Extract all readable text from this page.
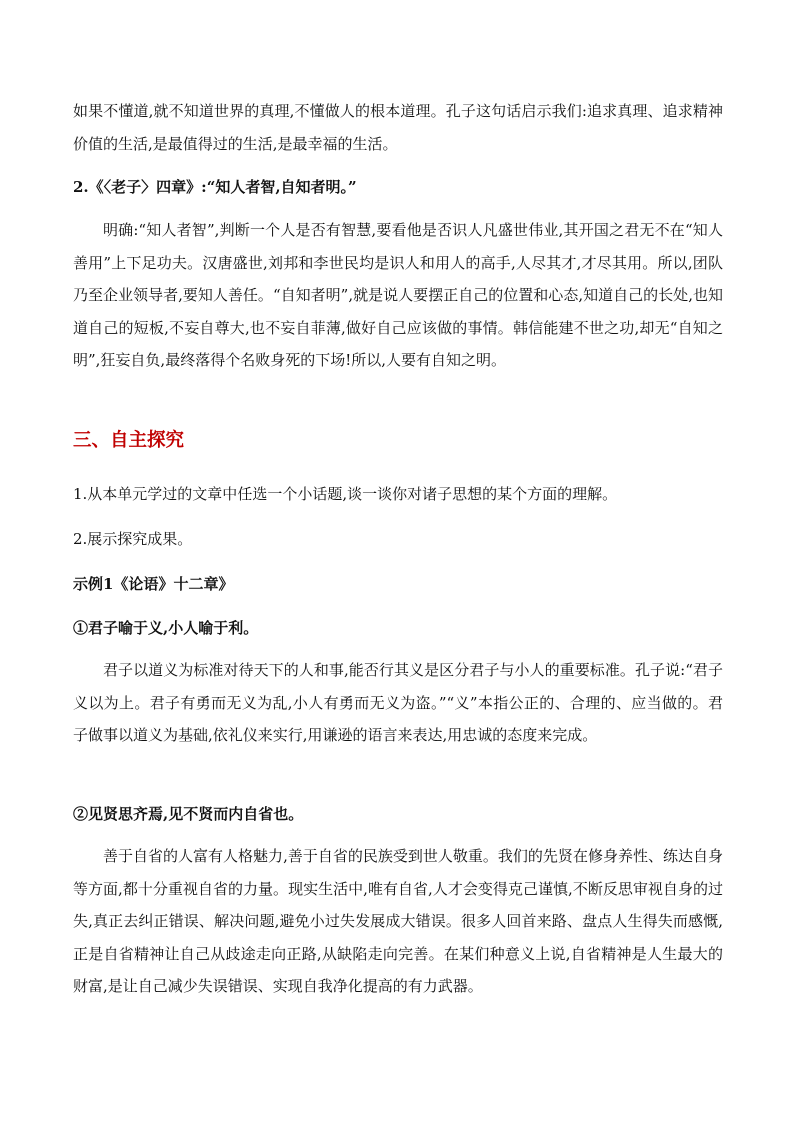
如果不懂道,就不知道世界的真理,不懂做人的根本道理。孔子这句话启示我们:追求真理、追求精神价值的生活,是最值得过的生活,是最幸福的生活。
2.《〈老子〉四章》:“知人者智,自知者明。”
明确:“知人者智”,判断一个人是否有智慧,要看他是否识人凡盛世伟业,其开国之君无不在“知人善用”上下足功夫。汉唐盛世,刘邦和李世民均是识人和用人的高手,人尽其才,才尽其用。所以,团队乃至企业领导者,要知人善任。“自知者明”,就是说人要摆正自己的位置和心态,知道自己的长处,也知道自己的短板,不妄自尊大,也不妄自菲薄,做好自己应该做的事情。韩信能建不世之功,却无“自知之明”,狂妄自负,最终落得个名败身死的下场!所以,人要有自知之明。
三、自主探究
1.从本单元学过的文章中任选一个小话题,谈一谈你对诸子思想的某个方面的理解。
2.展示探究成果。
示例1《论语》十二章》
①君子喻于义,小人喻于利。
君子以道义为标准对待天下的人和事,能否行其义是区分君子与小人的重要标准。孔子说:“君子义以为上。君子有勇而无义为乱,小人有勇而无义为盗。”“义”本指公正的、合理的、应当做的。君子做事以道义为基础,依礼仪来实行,用谦逊的语言来表达,用忠诚的态度来完成。
②见贤思齐焉,见不贤而内自省也。
善于自省的人富有人格魅力,善于自省的民族受到世人敬重。我们的先贤在修身养性、练达自身等方面,都十分重视自省的力量。现实生活中,唯有自省,人才会变得克己谨慎,不断反思审视自身的过失,真正去纠正错误、解决问题,避免小过失发展成大错误。很多人回首来路、盘点人生得失而感慨,正是自省精神让自己从歧途走向正路,从缺陷走向完善。在某们种意义上说,自省精神是人生最大的财富,是让自己减少失误错误、实现自我净化提高的有力武器。
